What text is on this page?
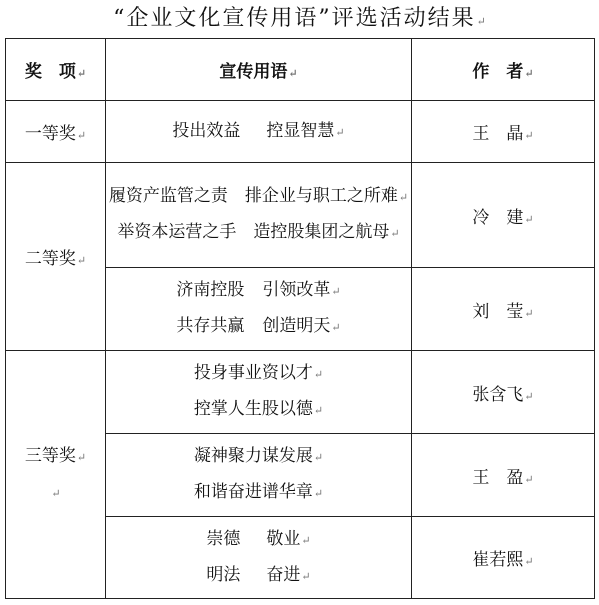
“企业文化宣传用语”评选活动结果↵
奖　项↵	宣传用语↵	作　者↵
一等奖↵	投出效益 控显智慧↵	王　晶↵
二等奖↵	履资产监管之责　排企业与职工之所难↵
举资本运营之手　造控股集团之航母↵	冷　建↵

	济南控股 引领改革↵
共存共赢 创造明天↵	刘　莹↵

三等奖↵
↵	投身事业资以才↵
控掌人生股以德↵	张含飞↵

	凝神聚力谋发展↵
和谐奋进谱华章↵	王　盈↵

	崇德 敬业↵
明法 奋进↵	崔若熙↵
